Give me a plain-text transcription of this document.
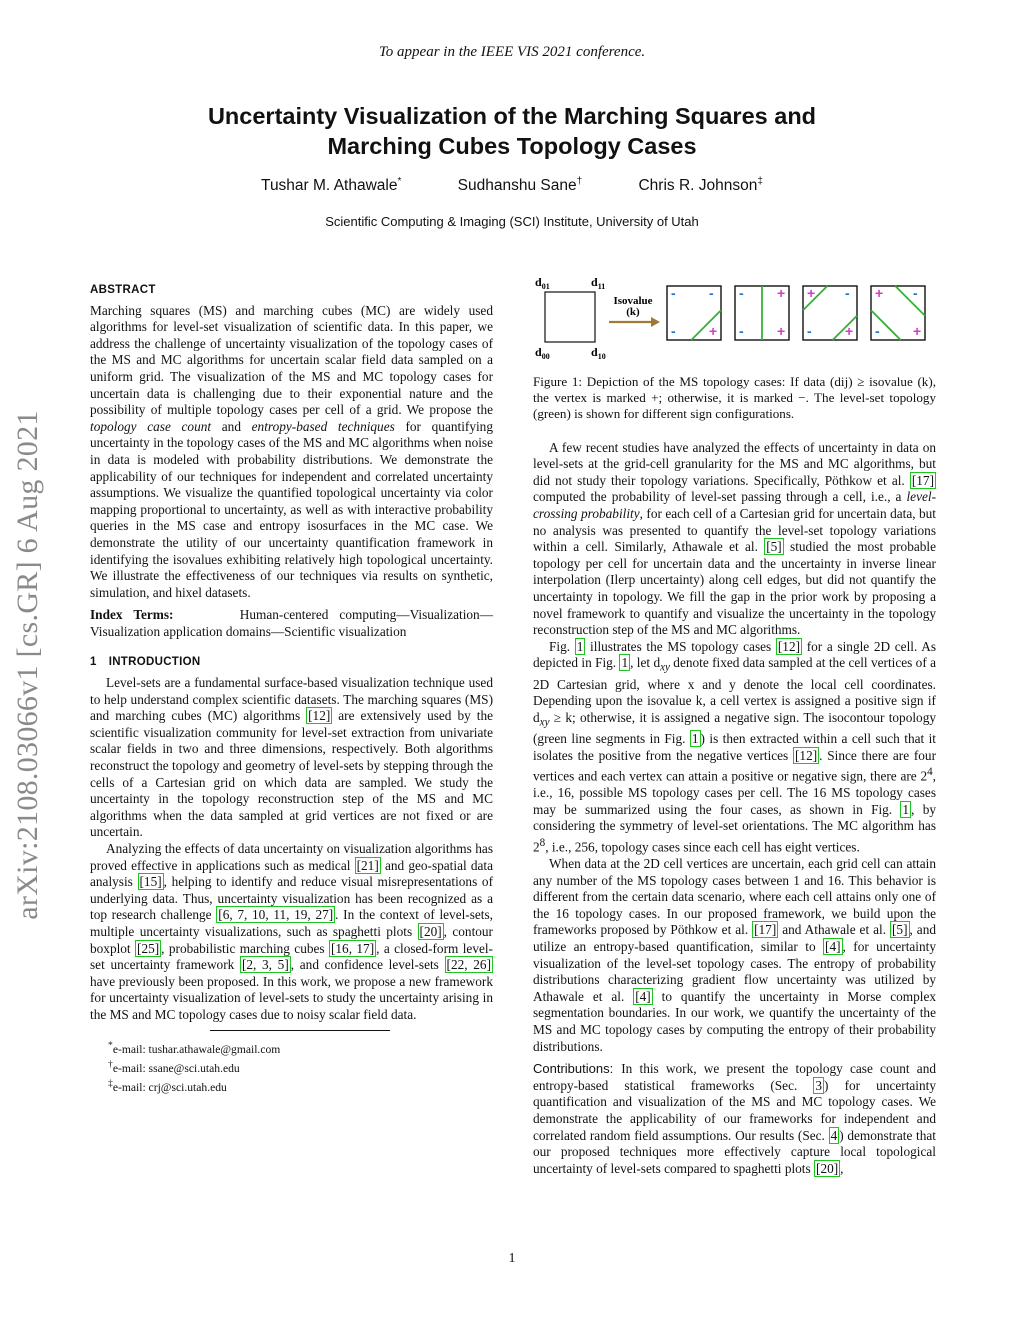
To appear in the IEEE VIS 2021 conference.
Uncertainty Visualization of the Marching Squares and
Marching Cubes Topology Cases
Tushar M. Athawale*	Sudhanshu Sane†	Chris R. Johnson‡
Scientific Computing & Imaging (SCI) Institute, University of Utah
arXiv:2108.03066v1 [cs.GR] 6 Aug 2021
ABSTRACT

Marching squares (MS) and marching cubes (MC) are widely used algorithms for level-set visualization of scientific data. In this paper, we address the challenge of uncertainty visualization of the topology cases of the MS and MC algorithms for uncertain scalar field data sampled on a uniform grid. The visualization of the MS and MC topology cases for uncertain data is challenging due to their exponential nature and the possibility of multiple topology cases per cell of a grid. We propose the topology case count and entropy-based techniques for quantifying uncertainty in the topology cases of the MS and MC algorithms when noise in data is modeled with probability distributions. We demonstrate the applicability of our techniques for independent and correlated uncertainty assumptions. We visualize the quantified topological uncertainty via color mapping proportional to uncertainty, as well as with interactive probability queries in the MS case and entropy isosurfaces in the MC case. We demonstrate the utility of our uncertainty quantification framework in identifying the isovalues exhibiting relatively high topological uncertainty. We illustrate the effectiveness of our techniques via results on synthetic, simulation, and hixel datasets.

Index Terms:	Human-centered computing—Visualization—Visualization application domains—Scientific visualization

1 INTRODUCTION

Level-sets are a fundamental surface-based visualization technique used to help understand complex scientific datasets. The marching squares (MS) and marching cubes (MC) algorithms [12] are extensively used by the scientific visualization community for level-set extraction from univariate scalar fields in two and three dimensions, respectively. Both algorithms reconstruct the topology and geometry of level-sets by stepping through the cells of a Cartesian grid on which data are sampled. We study the uncertainty in the topology reconstruction step of the MS and MC algorithms when the data sampled at grid vertices are not fixed or are uncertain.

Analyzing the effects of data uncertainty on visualization algorithms has proved effective in applications such as medical [21] and geo-spatial data analysis [15] , helping to identify and reduce visual misrepresentations of underlying data. Thus, uncertainty visualization has been recognized as a top research challenge [6, 7, 10, 11, 19, 27] . In the context of level-sets, multiple uncertainty visualizations, such as spaghetti plots [20] , contour boxplot [25] , probabilistic marching cubes [16, 17] , a closed-form level-set uncertainty framework [2, 3, 5] , and confidence level-sets [22, 26] have previously been proposed. In this work, we propose a new framework for uncertainty visualization of level-sets to study the uncertainty arising in the MS and MC topology cases due to noisy scalar field data.

*e-mail: tushar.athawale@gmail.com
†e-mail: ssane@sci.utah.edu
‡e-mail: crj@sci.utah.edu
$d_{01}$	$d_{11}$
$d_{00}$	$d_{10}$
Isovalue
(k)
- -
- +
- +
- +
+ -
- +
+ -
- +

Figure 1: Depiction of the MS topology cases: If data (dij) ≥ isovalue (k), the vertex is marked +; otherwise, it is marked −. The level-set topology (green) is shown for different sign configurations.

A few recent studies have analyzed the effects of uncertainty in data on level-sets at the grid-cell granularity for the MS and MC algorithms, but did not study their topology variations. Specifically, Pöthkow et al. [17] computed the probability of level-set passing through a cell, i.e., a level-crossing probability, for each cell of a Cartesian grid for uncertain data, but no analysis was presented to quantify the level-set topology variations within a cell. Similarly, Athawale et al. [5] studied the most probable topology per cell for uncertain data and the uncertainty in inverse linear interpolation (Ilerp uncertainty) along cell edges, but did not quantify the uncertainty in topology. We fill the gap in the prior work by proposing a novel framework to quantify and visualize the uncertainty in the topology reconstruction step of the MS and MC algorithms.

Fig. 1 illustrates the MS topology cases [12] for a single 2D cell. As depicted in Fig. 1 , let $d_{xy}$ denote fixed data sampled at the cell vertices of a 2D Cartesian grid, where x and y denote the local cell coordinates. Depending upon the isovalue k, a cell vertex is assigned a positive sign if $d_{xy} \ge k$; otherwise, it is assigned a negative sign. The isocontour topology (green line segments in Fig. 1 ) is then extracted within a cell such that it isolates the positive from the negative vertices [12] . Since there are four vertices and each vertex can attain a positive or negative sign, there are $2^4$, i.e., 16, possible MS topology cases per cell. The 16 MS topology cases may be summarized using the four cases, as shown in Fig. 1 , by considering the symmetry of level-set orientations. The MC algorithm has $2^8$, i.e., 256, topology cases since each cell has eight vertices.

When data at the 2D cell vertices are uncertain, each grid cell can attain any number of the MS topology cases between 1 and 16. This behavior is different from the certain data scenario, where each cell attains only one of the 16 topology cases. In our proposed framework, we build upon the frameworks proposed by Pöthkow et al. [17] and Athawale et al. [5] , and utilize an entropy-based quantification, similar to [4] , for uncertainty visualization of the level-set topology cases. The entropy of probability distributions characterizing gradient flow uncertainty was utilized by Athawale et al. [4] to quantify the uncertainty in Morse complex segmentation boundaries. In our work, we quantify the uncertainty of the MS and MC topology cases by computing the entropy of their probability distributions.

Contributions: In this work, we present the topology case count and entropy-based statistical frameworks (Sec. 3 ) for uncertainty quantification and visualization of the MS and MC topology cases. We demonstrate the applicability of our frameworks for independent and correlated random field assumptions. Our results (Sec. 4 ) demonstrate that our proposed techniques more effectively capture local topological uncertainty of level-sets compared to spaghetti plots [20] ,

1
